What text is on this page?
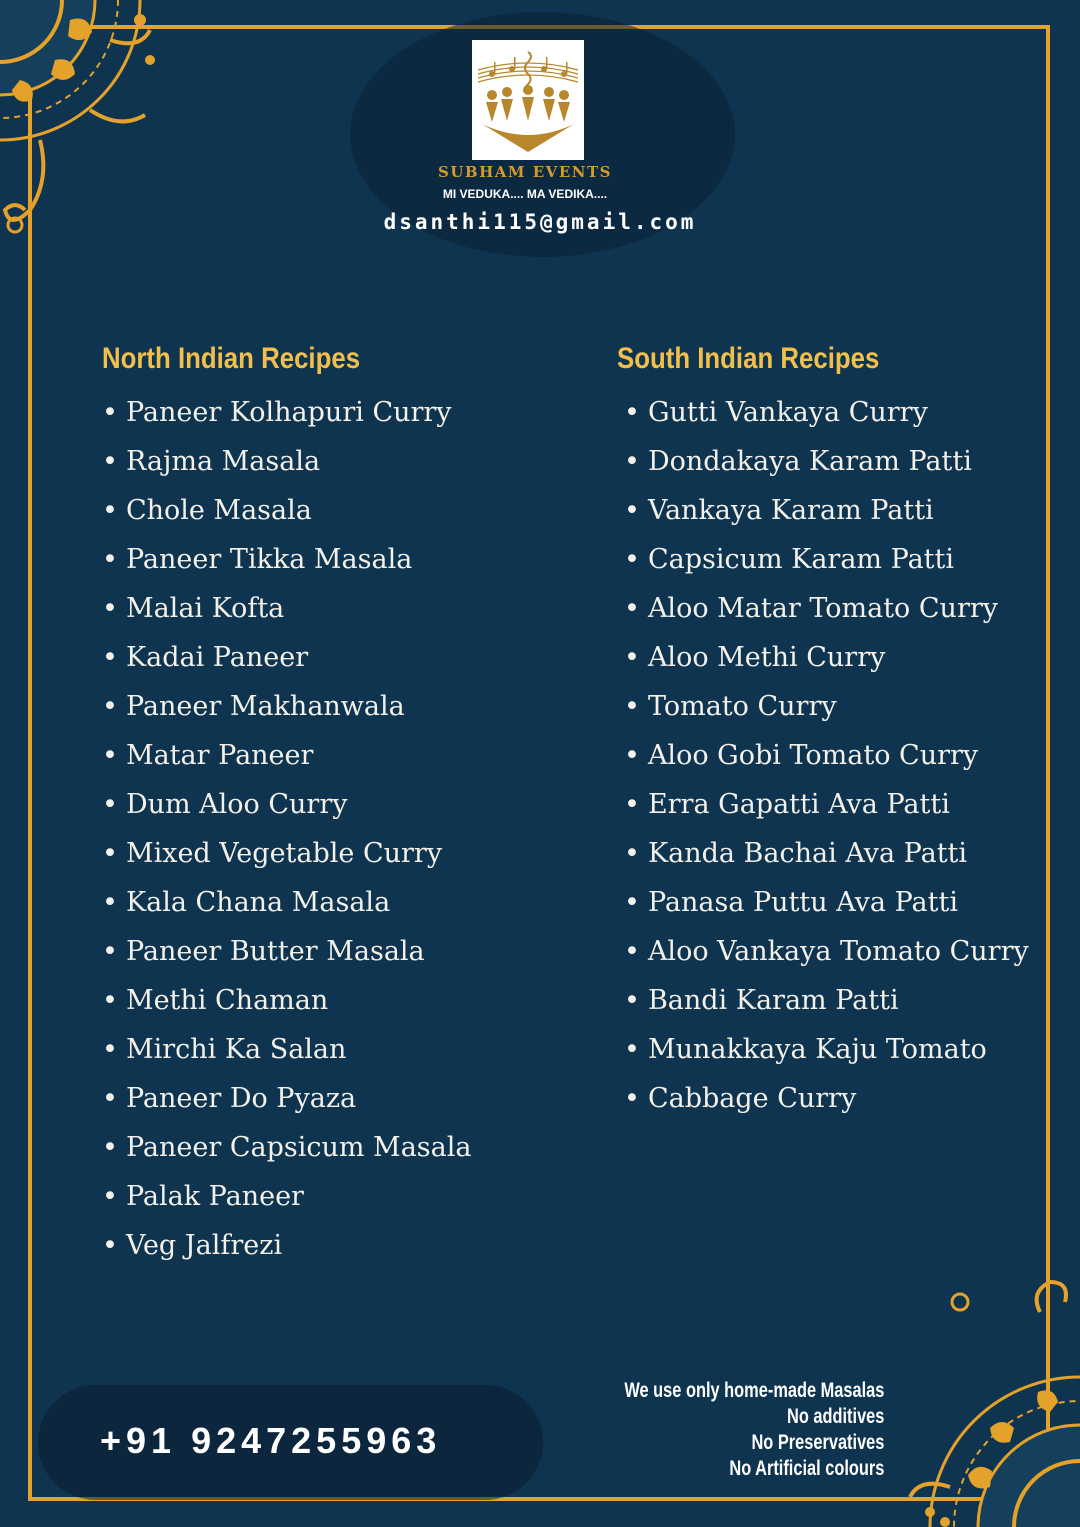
SUBHAM EVENTS
MI VEDUKA.... MA VEDIKA....
dsanthi115@gmail.com
North Indian Recipes
• Paneer Kolhapuri Curry
• Rajma Masala
• Chole Masala
• Paneer Tikka Masala
• Malai Kofta
• Kadai Paneer
• Paneer Makhanwala
• Matar Paneer
• Dum Aloo Curry
• Mixed Vegetable Curry
• Kala Chana Masala
• Paneer Butter Masala
• Methi Chaman
• Mirchi Ka Salan
• Paneer Do Pyaza
• Paneer Capsicum Masala
• Palak Paneer
• Veg Jalfrezi
South Indian Recipes
• Gutti Vankaya Curry
• Dondakaya Karam Patti
• Vankaya Karam Patti
• Capsicum Karam Patti
• Aloo Matar Tomato Curry
• Aloo Methi Curry
• Tomato Curry
• Aloo Gobi Tomato Curry
• Erra Gapatti Ava Patti
• Kanda Bachai Ava Patti
• Panasa Puttu Ava Patti
• Aloo Vankaya Tomato Curry
• Bandi Karam Patti
• Munakkaya Kaju Tomato
• Cabbage Curry
+91 9247255963
We use only home-made Masalas
No additives
No Preservatives
No Artificial colours
